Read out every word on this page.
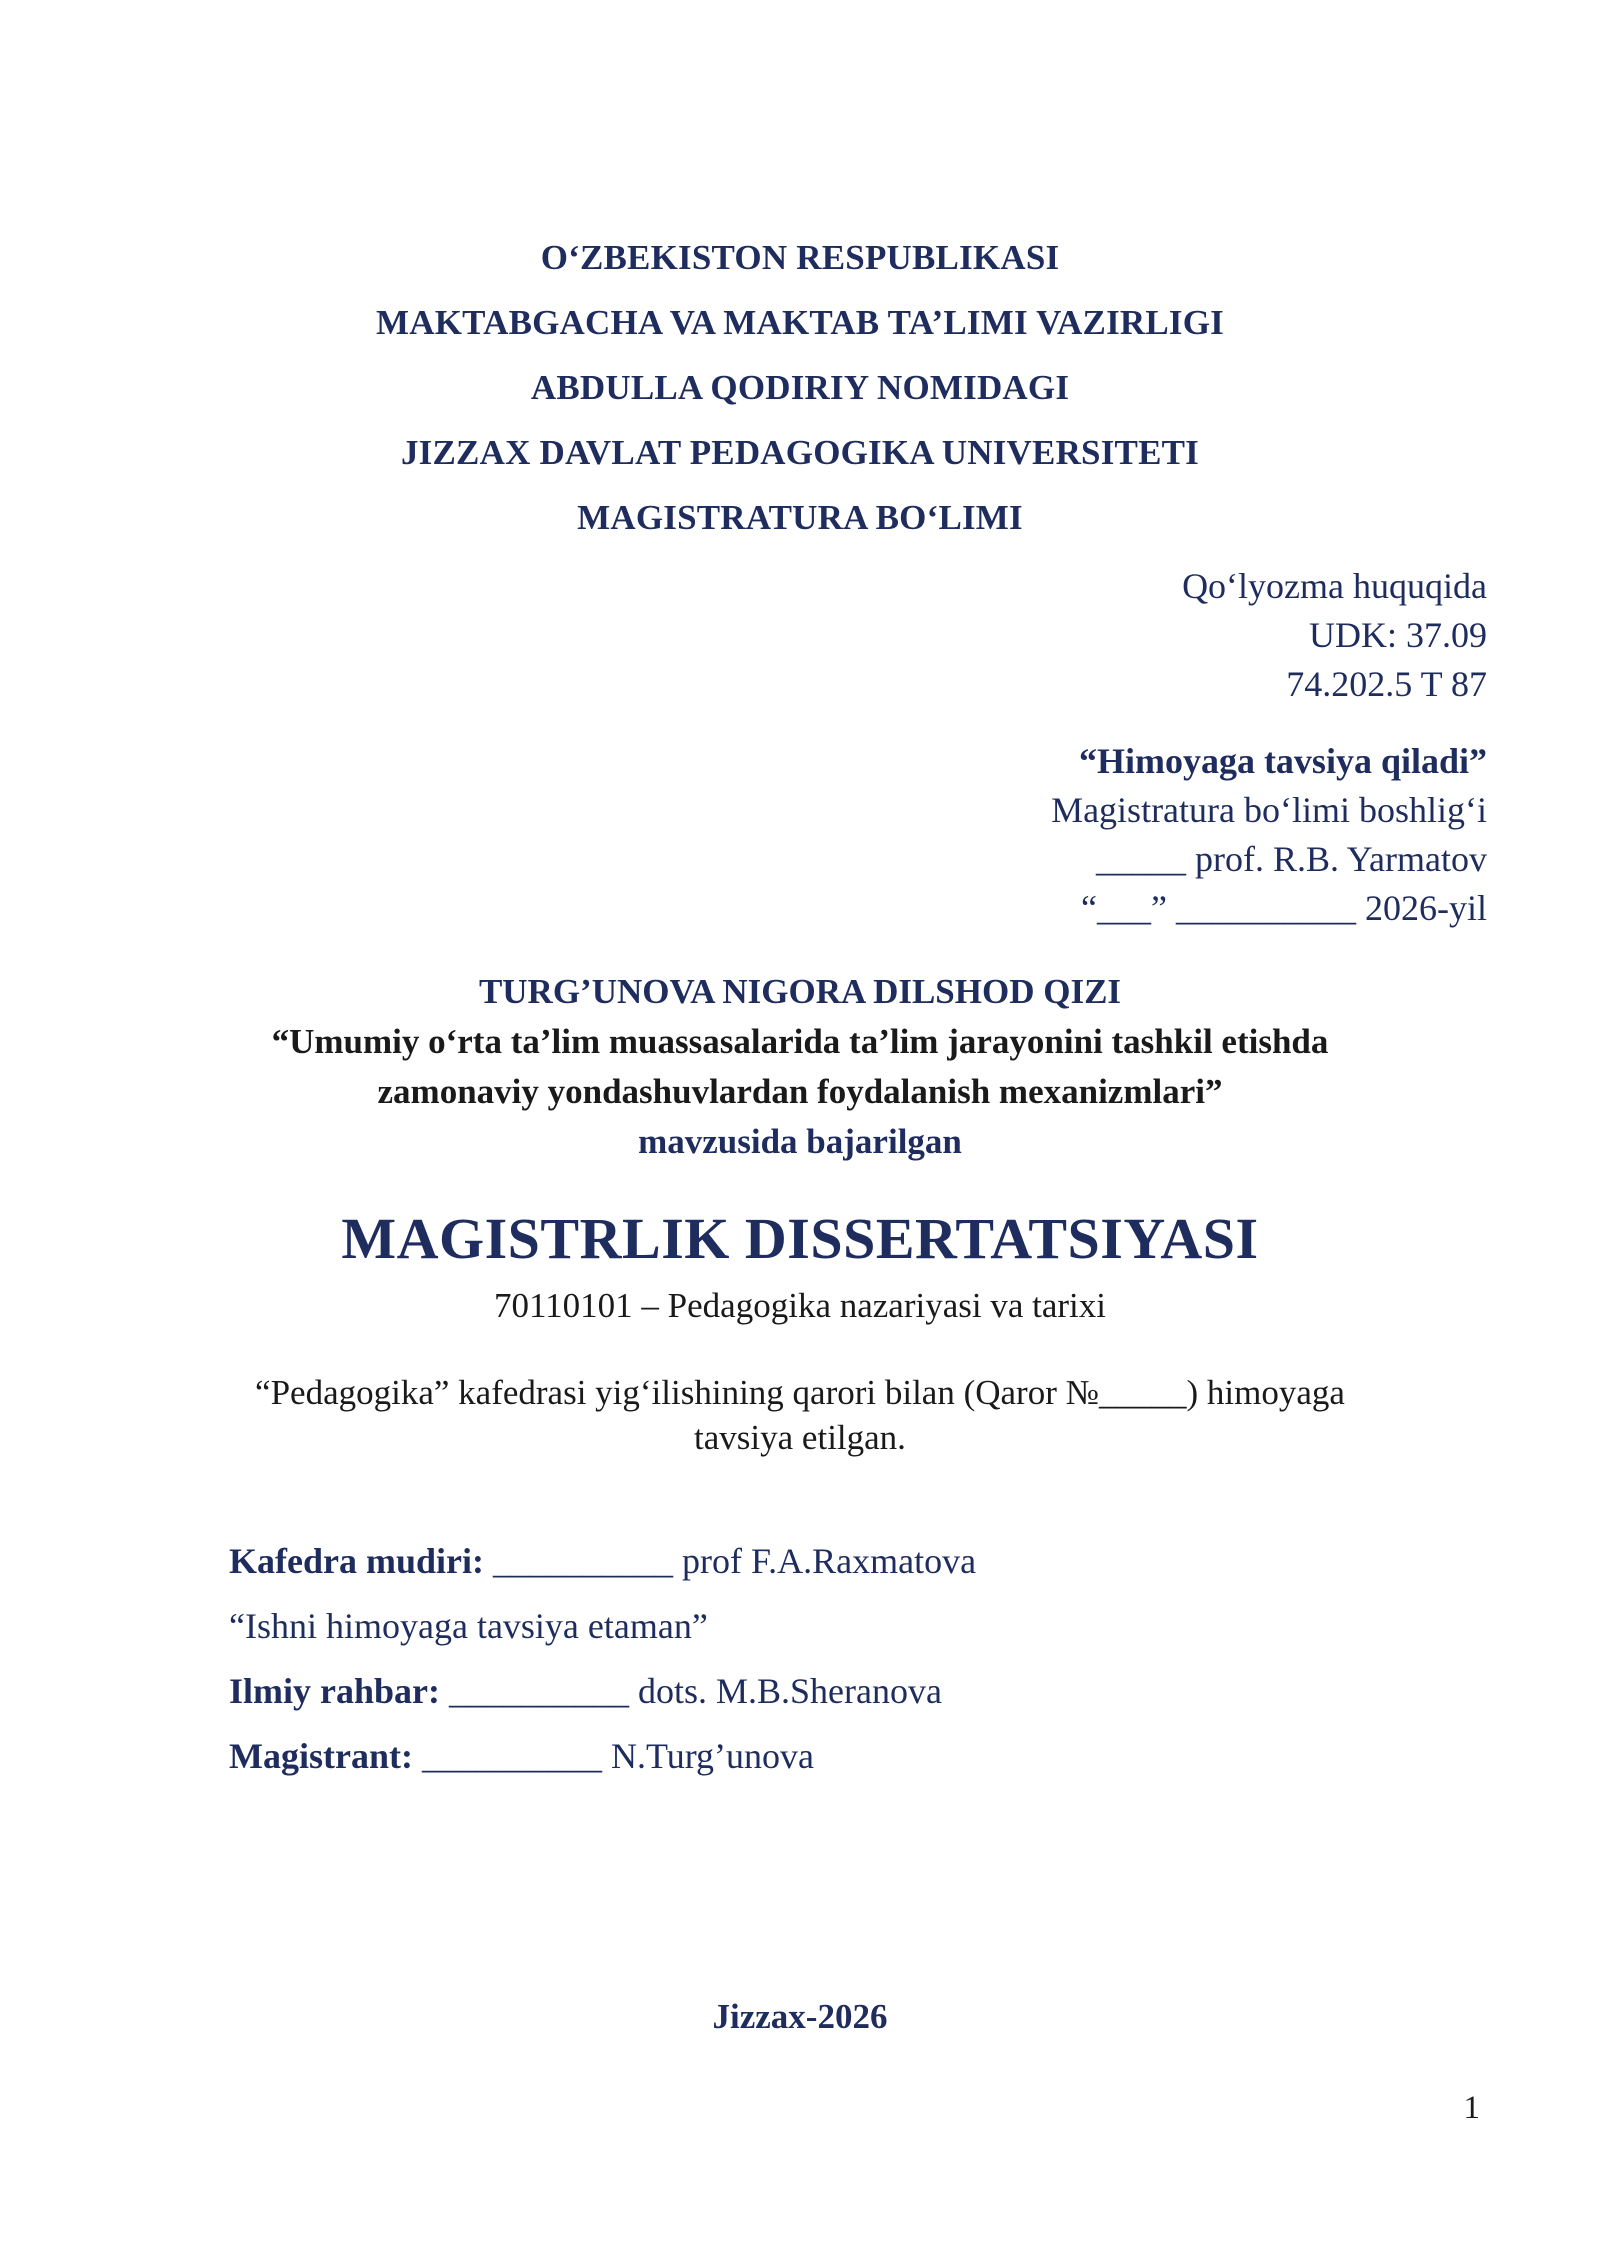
O‘ZBEKISTON RESPUBLIKASI
MAKTABGACHA VA MAKTAB TA’LIMI VAZIRLIGI
ABDULLA QODIRIY NOMIDAGI
JIZZAX DAVLAT PEDAGOGIKA UNIVERSITETI
MAGISTRATURA BO‘LIMI
Qo‘lyozma huquqida
UDK: 37.09
74.202.5 T 87
“Himoyaga tavsiya qiladi”
Magistratura bo‘limi boshlig‘i
_____ prof. R.B. Yarmatov
“___” __________ 2026-yil
TURG’UNOVA NIGORA DILSHOD QIZI
“Umumiy o‘rta ta’lim muassasalarida ta’lim jarayonini tashkil etishda
zamonaviy yondashuvlardan foydalanish mexanizmlari”
mavzusida bajarilgan
MAGISTRLIK DISSERTATSIYASI
70110101 – Pedagogika nazariyasi va tarixi
“Pedagogika” kafedrasi yig‘ilishining qarori bilan (Qaror №_____) himoyaga
tavsiya etilgan.
Kafedra mudiri: __________ prof F.A.Raxmatova
“Ishni himoyaga tavsiya etaman”
Ilmiy rahbar: __________ dots. M.B.Sheranova
Magistrant: __________ N.Turg’unova
Jizzax-2026
1
